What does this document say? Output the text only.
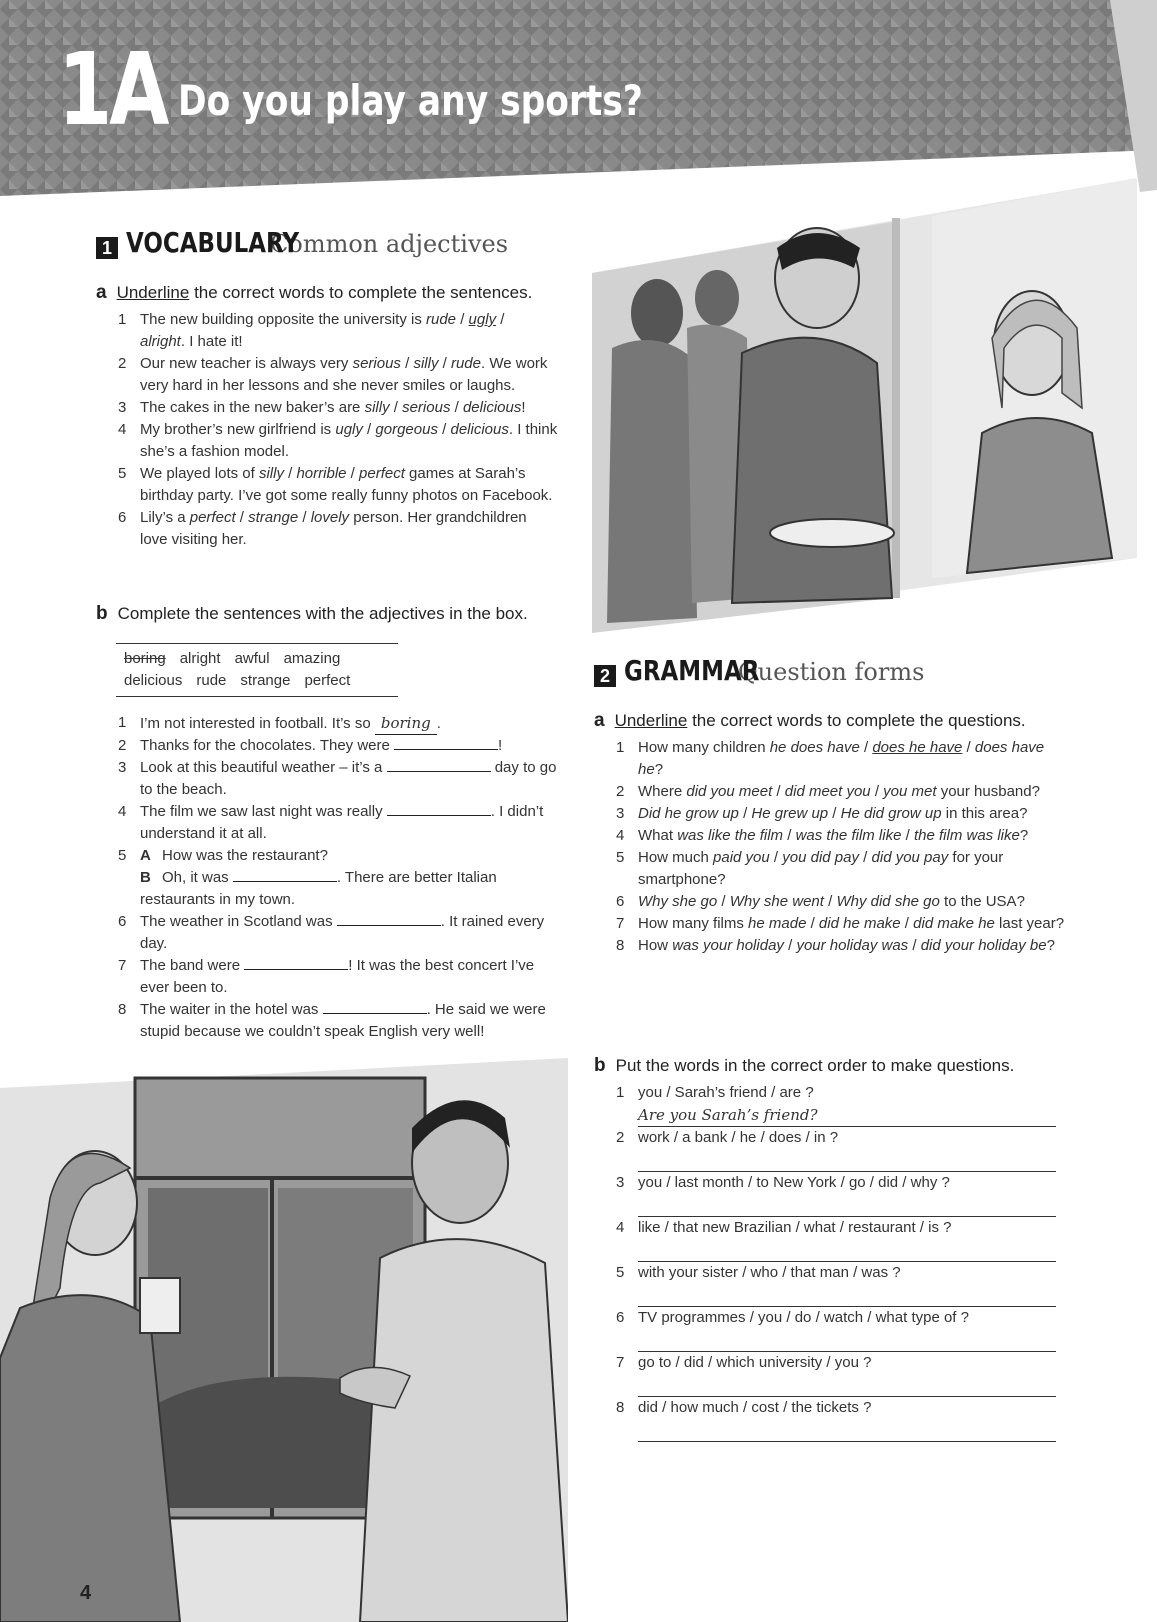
1A Do you play any sports?
1 VOCABULARY
Common adjectives
a Underline the correct words to complete the sentences.
1 The new building opposite the university is rude / ugly /
alright. I hate it!
2 Our new teacher is always very serious / silly / rude. We work very hard in her lessons and she never smiles or laughs.
3 The cakes in the new baker’s are silly / serious / delicious!
4 My brother’s new girlfriend is ugly / gorgeous / delicious. I think she’s a fashion model.
5 We played lots of silly / horrible / perfect games at Sarah’s birthday party. I’ve got some really funny photos on Facebook.
6 Lily’s a perfect / strange / lovely person. Her grandchildren love visiting her.
b Complete the sentences with the adjectives in the box.
boring alright awful amazing
delicious rude strange perfect
1 I’m not interested in football. It’s so boring .
2 Thanks for the chocolates. They were	!
3 Look at this beautiful weather – it’s a	day to go to the beach.
4 The film we saw last night was really	. I didn’t understand it at all.
5 A How was the restaurant?
B Oh, it was	. There are better Italian restaurants in my town.
6 The weather in Scotland was	. It rained every day.
7 The band were	! It was the best concert I’ve ever been to.
8 The waiter in the hotel was	. He said we were stupid because we couldn’t speak English very well!
2 GRAMMAR
Question forms
a Underline the correct words to complete the questions.
1 How many children he does have / does he have / does have he?
2 Where did you meet / did meet you / you met your husband?
3 Did he grow up / He grew up / He did grow up in this area?
4 What was like the film / was the film like / the film was like?
5 How much paid you / you did pay / did you pay for your smartphone?
6 Why she go / Why she went / Why did she go to the USA?
7 How many films he made / did he make / did make he last year?
8 How was your holiday / your holiday was / did your holiday be?
b Put the words in the correct order to make questions.
1 you / Sarah’s friend / are ?
Are you Sarah’s friend?
2 work / a bank / he / does / in ?
3 you / last month / to New York / go / did / why ?
4 like / that new Brazilian / what / restaurant / is ?
5 with your sister / who / that man / was ?
6 TV programmes / you / do / watch / what type of ?
7 go to / did / which university / you ?
8 did / how much / cost / the tickets ?
4
